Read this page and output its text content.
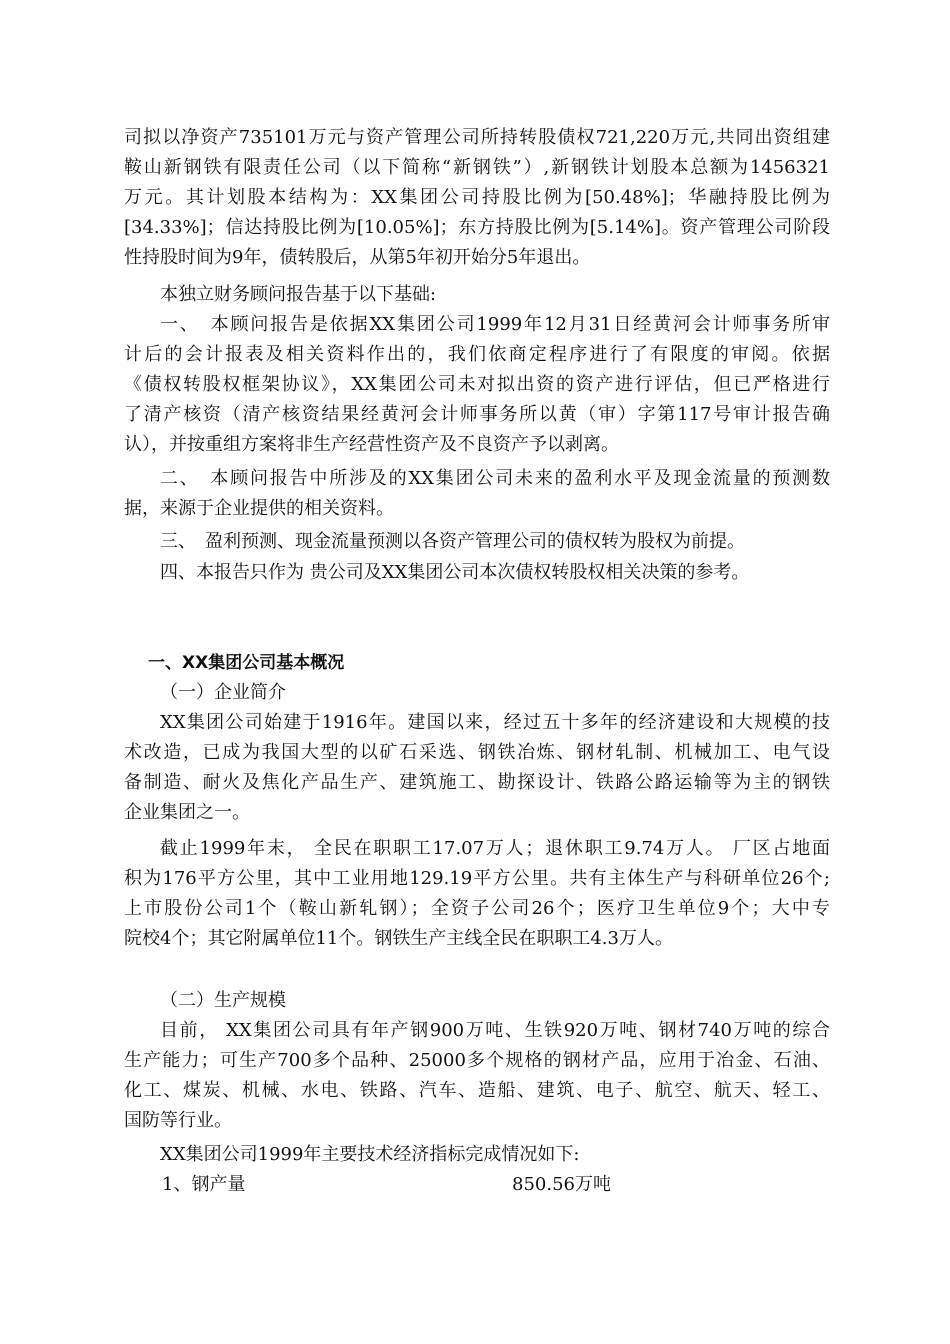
司拟以净资产735101万元与资产管理公司所持转股债权721,220万元,共同出资组建
鞍山新钢铁有限责任公司（以下简称“新钢铁”）,新钢铁计划股本总额为1456321
万元。其计划股本结构为：XX集团公司持股比例为[50.48%]；华融持股比例为
[34.33%]；信达持股比例为[10.05%]；东方持股比例为[5.14%]。资产管理公司阶段
性持股时间为9年，债转股后，从第5年初开始分5年退出。
本独立财务顾问报告基于以下基础:
一、　本顾问报告是依据XX集团公司1999年12月31日经黄河会计师事务所审
计后的会计报表及相关资料作出的，我们依商定程序进行了有限度的审阅。依据
《债权转股权框架协议》，XX集团公司未对拟出资的资产进行评估，但已严格进行
了清产核资（清产核资结果经黄河会计师事务所以黄（审）字第117号审计报告确
认），并按重组方案将非生产经营性资产及不良资产予以剥离。
二、　本顾问报告中所涉及的XX集团公司未来的盈利水平及现金流量的预测数
据，来源于企业提供的相关资料。
三、　盈利预测、现金流量预测以各资产管理公司的债权转为股权为前提。
四、本报告只作为 贵公司及XX集团公司本次债权转股权相关决策的参考。
一、XX集团公司基本概况
（一）企业简介
XX集团公司始建于1916年。建国以来，经过五十多年的经济建设和大规模的技
术改造，已成为我国大型的以矿石采选、钢铁冶炼、钢材轧制、机械加工、电气设
备制造、耐火及焦化产品生产、建筑施工、勘探设计、铁路公路运输等为主的钢铁
企业集团之一。
截止1999年末， 全民在职职工17.07万人；退休职工9.74万人。 厂区占地面
积为176平方公里，其中工业用地129.19平方公里。共有主体生产与科研单位26个;
上市股份公司1个（鞍山新轧钢）；全资子公司26个；医疗卫生单位9个；大中专
院校4个；其它附属单位11个。钢铁生产主线全民在职职工4.3万人。
（二）生产规模
目前， XX集团公司具有年产钢900万吨、生铁920万吨、钢材740万吨的综合
生产能力；可生产700多个品种、25000多个规格的钢材产品，应用于冶金、石油、
化工、煤炭、机械、水电、铁路、汽车、造船、建筑、电子、航空、航天、轻工、
国防等行业。
XX集团公司1999年主要技术经济指标完成情况如下:
1、钢产量	850.56万吨
